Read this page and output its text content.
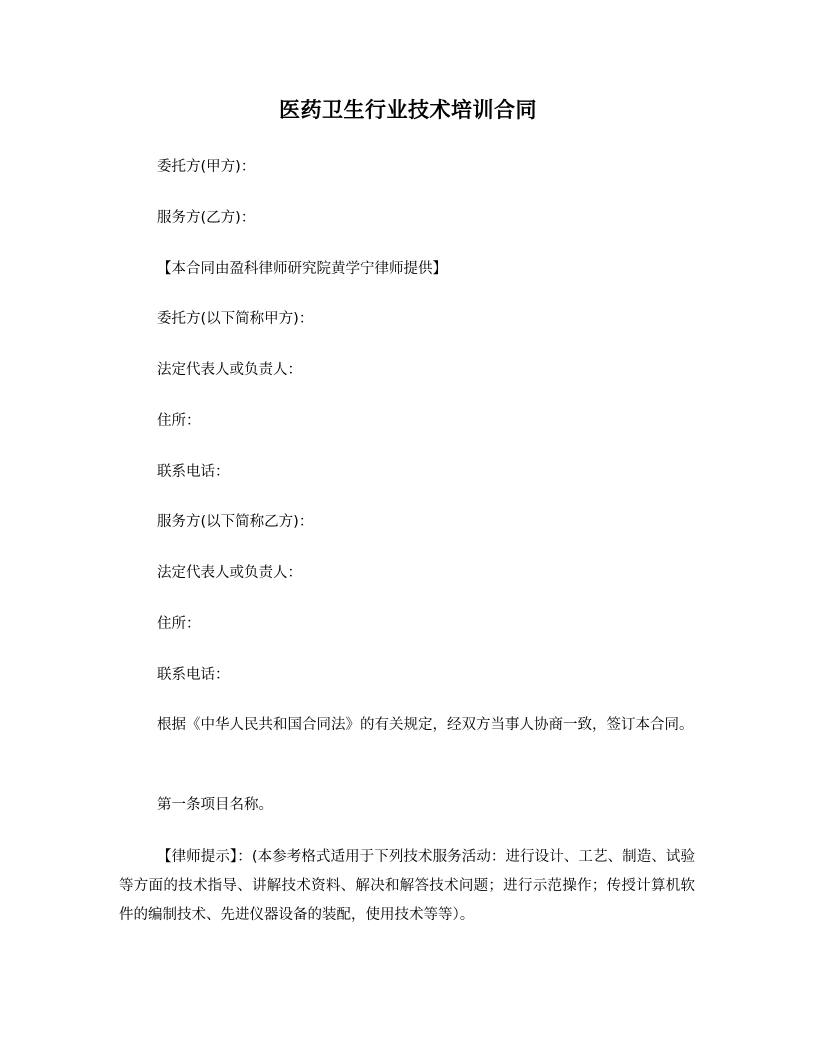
医药卫生行业技术培训合同

委托方(甲方)：

服务方(乙方)：

【本合同由盈科律师研究院黄学宁律师提供】

委托方(以下简称甲方)：

法定代表人或负责人：

住所：

联系电话：

服务方(以下简称乙方)：

法定代表人或负责人：

住所：

联系电话：

根据《中华人民共和国合同法》的有关规定，经双方当事人协商一致，签订本合同。

第一条项目名称。

【律师提示】：(本参考格式适用于下列技术服务活动：进行设计、工艺、制造、试验等方面的技术指导、讲解技术资料、解决和解答技术问题；进行示范操作；传授计算机软件的编制技术、先进仪器设备的装配，使用技术等等）。
